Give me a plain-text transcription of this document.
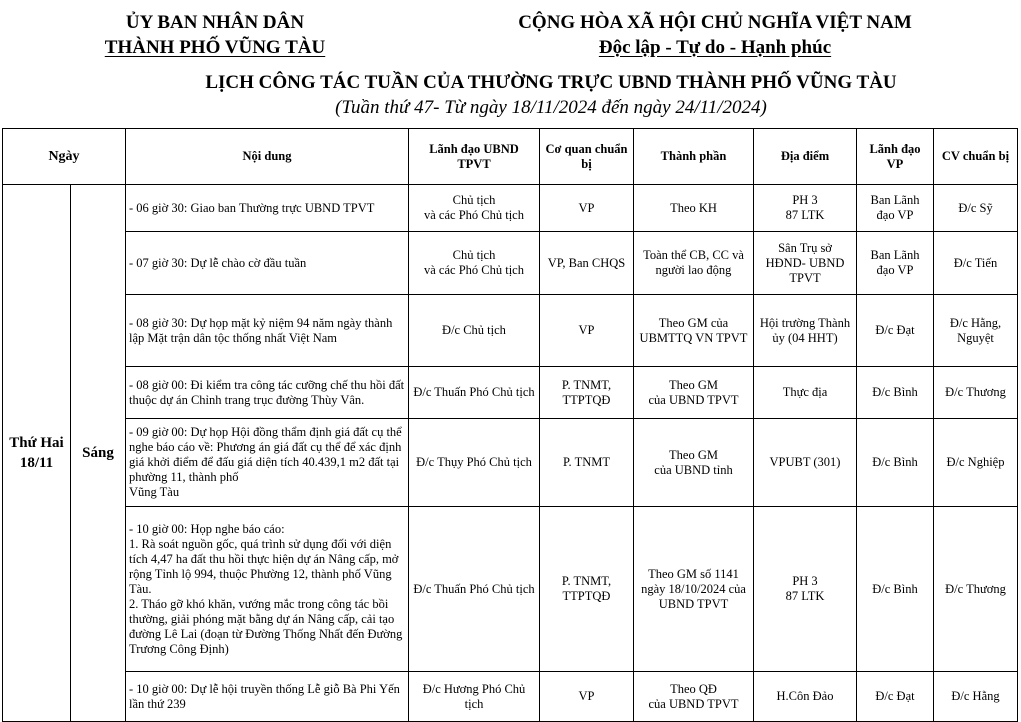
ỦY BAN NHÂN DÂN
THÀNH PHỐ VŨNG TÀU
CỘNG HÒA XÃ HỘI CHỦ NGHĨA VIỆT NAM
Độc lập - Tự do - Hạnh phúc
LỊCH CÔNG TÁC TUẦN CỦA THƯỜNG TRỰC UBND THÀNH PHỐ VŨNG TÀU
(Tuần thứ 47- Từ ngày 18/11/2024 đến ngày 24/11/2024)
Ngày		Nội dung	Lãnh đạo UBND TPVT	Cơ quan chuẩn bị	Thành phần	Địa điểm	Lãnh đạo VP	CV chuẩn bị
Thứ Hai 18/11	Sáng	- 06 giờ 30: Giao ban Thường trực UBND TPVT	Chủ tịch
và các Phó Chủ tịch	VP	Theo KH	PH 3
87 LTK	Ban Lãnh đạo VP	Đ/c Sỹ
		- 07 giờ 30: Dự lễ chào cờ đầu tuần	Chủ tịch
và các Phó Chủ tịch	VP, Ban CHQS	Toàn thể CB, CC và người lao động	Sân Trụ sở HĐND- UBND TPVT	Ban Lãnh đạo VP	Đ/c Tiến
		- 08 giờ 30: Dự họp mặt kỷ niệm 94 năm ngày thành lập Mặt trận dân tộc thống nhất Việt Nam	Đ/c Chủ tịch	VP	Theo GM của UBMTTQ VN TPVT	Hội trường Thành ủy (04 HHT)	Đ/c Đạt	Đ/c Hằng, Nguyệt
		- 08 giờ 00: Đi kiểm tra công tác cưỡng chế thu hồi đất thuộc dự án Chỉnh trang trục đường Thùy Vân.	Đ/c Thuấn Phó Chủ tịch	P. TNMT,
TTPTQĐ	Theo GM
của UBND TPVT	Thực địa	Đ/c Bình	Đ/c Thương
		- 09 giờ 00: Dự họp Hội đồng thẩm định giá đất cụ thể nghe báo cáo về: Phương án giá đất cụ thể để xác định giá khởi điểm để đấu giá diện tích 40.439,1 m2 đất tại phường 11, thành phố
Vũng Tàu	Đ/c Thụy Phó Chủ tịch	P. TNMT	Theo GM
của UBND tỉnh	VPUBT (301)	Đ/c Bình	Đ/c Nghiệp
		- 10 giờ 00: Họp nghe báo cáo:
1. Rà soát nguồn gốc, quá trình sử dụng đối với diện tích 4,47 ha đất thu hồi thực hiện dự án Nâng cấp, mở rộng Tỉnh lộ 994, thuộc Phường 12, thành phố Vũng Tàu.
2. Tháo gỡ khó khăn, vướng mắc trong công tác bồi thường, giải phóng mặt bằng dự án Nâng cấp, cải tạo đường Lê Lai (đoạn từ Đường Thống Nhất đến Đường Trương Công Định)	Đ/c Thuấn Phó Chủ tịch	P. TNMT,
TTPTQĐ	Theo GM số 1141 ngày 18/10/2024 của UBND TPVT	PH 3
87 LTK	Đ/c Bình	Đ/c Thương
		- 10 giờ 00: Dự lễ hội truyền thống Lễ giỗ Bà Phi Yến lần thứ 239	Đ/c Hương Phó Chủ tịch	VP	Theo QĐ
của UBND TPVT	H.Côn Đảo	Đ/c Đạt	Đ/c Hằng
